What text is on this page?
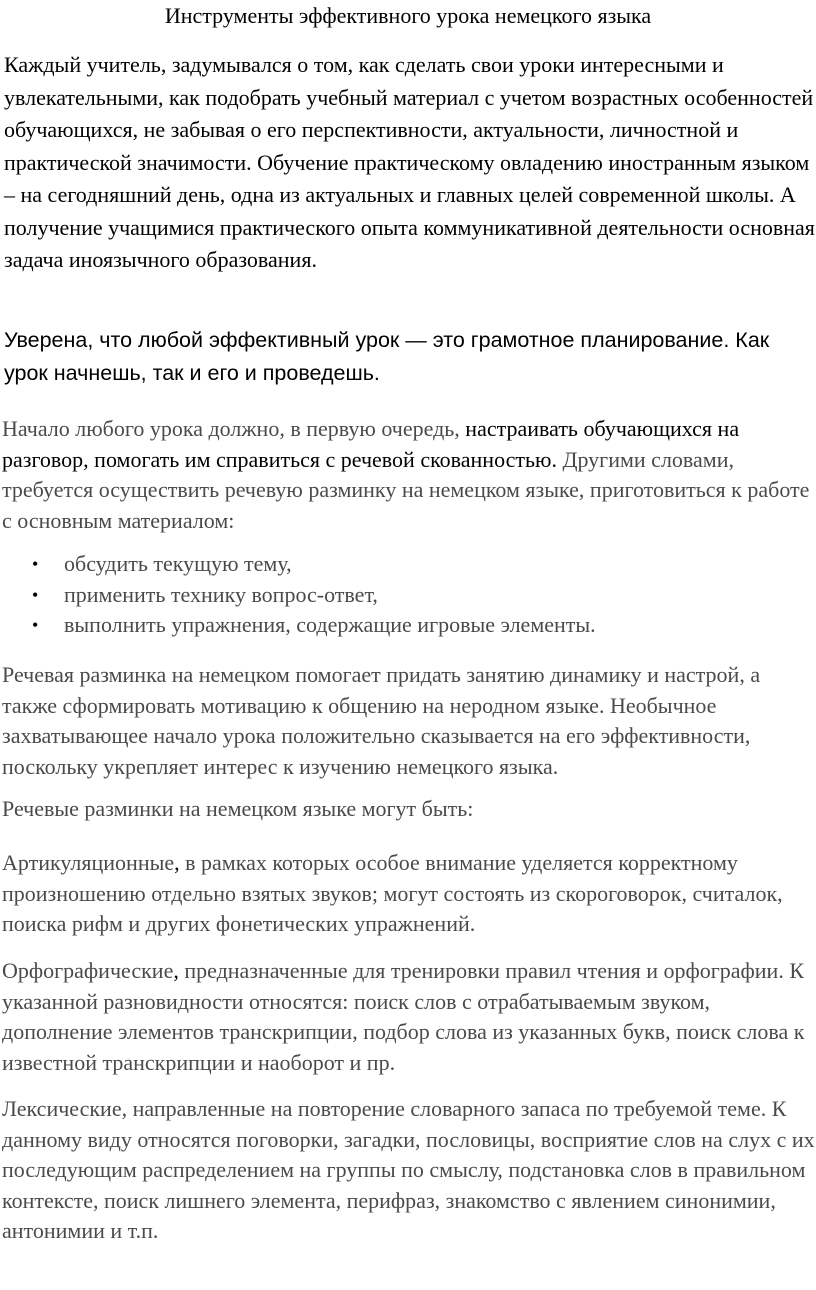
Инструменты эффективного урока немецкого языка

Каждый учитель, задумывался о том, как сделать свои уроки интересными и увлекательными, как подобрать учебный материал с учетом возрастных особенностей обучающихся, не забывая о его перспективности, актуальности, личностной и практической значимости. Обучение практическому овладению иностранным языком – на сегодняшний день, одна из актуальных и главных целей современной школы. А получение учащимися практического опыта коммуникативной деятельности основная задача иноязычного образования.

Уверена, что любой эффективный урок — это грамотное планирование. Как урок начнешь, так и его и проведешь.

Начало любого урока должно, в первую очередь, настраивать обучающихся на разговор, помогать им справиться с речевой скованностью. Другими словами, требуется осуществить речевую разминку на немецком языке, приготовиться к работе с основным материалом:

• обсудить текущую тему,
• применить технику вопрос-ответ,
• выполнить упражнения, содержащие игровые элементы.

Речевая разминка на немецком помогает придать занятию динамику и настрой, а также сформировать мотивацию к общению на неродном языке. Необычное захватывающее начало урока положительно сказывается на его эффективности, поскольку укрепляет интерес к изучению немецкого языка.

Речевые разминки на немецком языке могут быть:

Артикуляционные, в рамках которых особое внимание уделяется корректному произношению отдельно взятых звуков; могут состоять из скороговорок, считалок, поиска рифм и других фонетических упражнений.

Орфографические, предназначенные для тренировки правил чтения и орфографии. К указанной разновидности относятся: поиск слов с отрабатываемым звуком, дополнение элементов транскрипции, подбор слова из указанных букв, поиск слова к известной транскрипции и наоборот и пр.

Лексические, направленные на повторение словарного запаса по требуемой теме. К данному виду относятся поговорки, загадки, пословицы, восприятие слов на слух с их последующим распределением на группы по смыслу, подстановка слов в правильном контексте, поиск лишнего элемента, перифраз, знакомство с явлением синонимии, антонимии и т.п.
